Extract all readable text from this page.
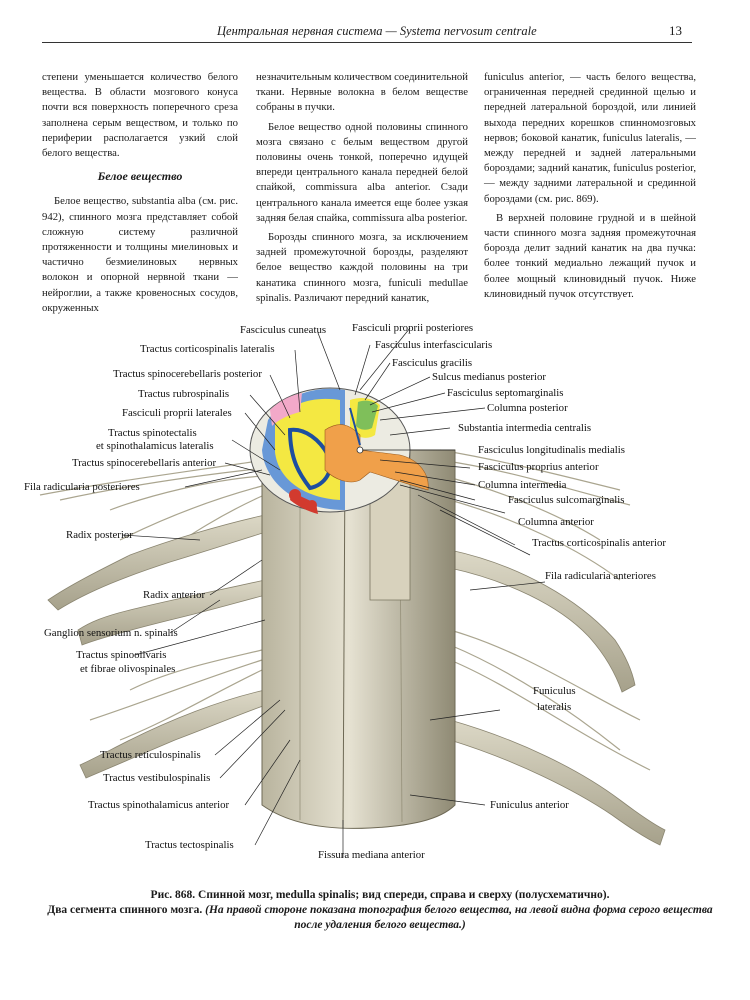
Центральная нервная система — Systema nervosum centrale	13

степени уменьшается количество белого вещества. В области мозгового конуса почти вся поверхность поперечного среза заполнена серым веществом, и только по периферии располагается узкий слой белого вещества.

Белое вещество

Белое вещество, substantia alba (см. рис. 942), спинного мозга представляет собой сложную систему различной протяженности и толщины миелиновых и частично безмиелиновых нервных волокон и опорной нервной ткани — нейроглии, а также кровеносных сосудов, окруженных

незначительным количеством соединительной ткани. Нервные волокна в белом веществе собраны в пучки.

Белое вещество одной половины спинного мозга связано с белым веществом другой половины очень тонкой, поперечно идущей впереди центрального канала передней белой спайкой, commissura alba anterior. Сзади центрального канала имеется еще более узкая задняя белая спайка, commissura alba posterior.

Борозды спинного мозга, за исключением задней промежуточной борозды, разделяют белое вещество каждой половины на три канатика спинного мозга, funiculi medullae spinalis. Различают передний канатик,

funiculus anterior, — часть белого вещества, ограниченная передней срединной щелью и передней латеральной бороздой, или линией выхода передних корешков спинномозговых нервов; боковой канатик, funiculus lateralis, — между передней и задней латеральными бороздами; задний канатик, funiculus posterior, — между задними латеральной и срединной бороздами (см. рис. 869).

В верхней половине грудной и в шейной части спинного мозга задняя промежуточная борозда делит задний канатик на два пучка: более тонкий медиально лежащий пучок и более мощный клиновидный пучок. Ниже клиновидный пучок отсутствует.

Fasciculus cuneatus Fasciculi proprii posteriores
Tractus corticospinalis lateralis
Tractus spinocerebellaris posterior
Tractus rubrospinalis
Fasciculi proprii laterales
Tractus spinotectalis
et spinothalamicus lateralis
Tractus spinocerebellaris anterior
Fila radicularia posteriores
Radix posterior
Radix anterior
Ganglion sensorium n. spinalis
Tractus spinoolivaris
et fibrae olivospinales
Tractus reticulospinalis
Tractus vestibulospinalis
Tractus spinothalamicus anterior
Tractus tectospinalis
Fasciculus interfascicularis
Fasciculus gracilis
Sulcus medianus posterior
Fasciculus septomarginalis
Columna posterior
Substantia intermedia centralis
Fasciculus longitudinalis medialis
Fasciculus proprius anterior
Columna intermedia
Fasciculus sulcomarginalis
Columna anterior
Tractus corticospinalis anterior
Fila radicularia anteriores
Funiculus
lateralis
Funiculus anterior
Fissura mediana anterior
Рис. 868. Спинной мозг, medulla spinalis; вид спереди, справа и сверху (полусхематично).
Два сегмента спинного мозга. (На правой стороне показана топография белого вещества, на левой видна форма серого вещества после удаления белого вещества.)
